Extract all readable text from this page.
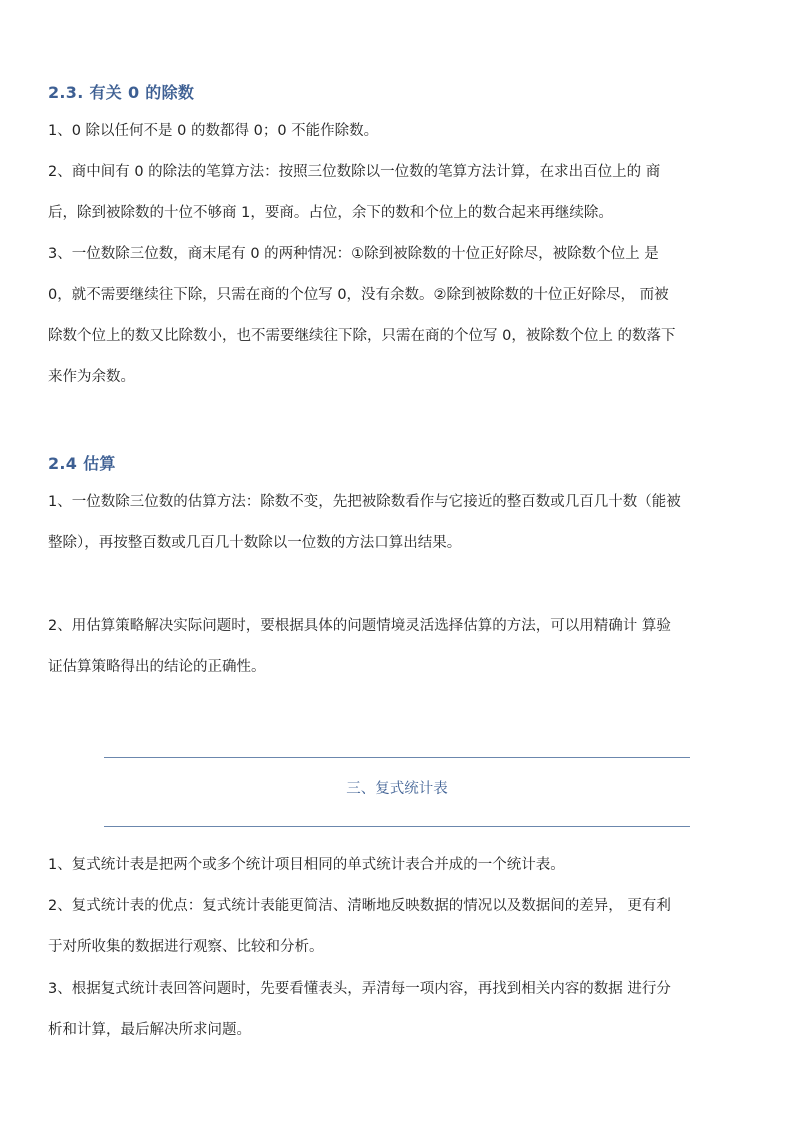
2.3. 有关 0 的除数
1、0 除以任何不是 0 的数都得 0；0 不能作除数。
2、商中间有 0 的除法的笔算方法：按照三位数除以一位数的笔算方法计算，在求出百位上的 商
后，除到被除数的十位不够商 1，要商。占位，余下的数和个位上的数合起来再继续除。
3、一位数除三位数，商末尾有 0 的两种情况：①除到被除数的十位正好除尽，被除数个位上 是
0，就不需要继续往下除，只需在商的个位写 0，没有余数。②除到被除数的十位正好除尽， 而被
除数个位上的数又比除数小，也不需要继续往下除，只需在商的个位写 0，被除数个位上 的数落下
来作为余数。
2.4 估算
1、一位数除三位数的估算方法：除数不变，先把被除数看作与它接近的整百数或几百几十数（能被
整除），再按整百数或几百几十数除以一位数的方法口算出结果。
2、用估算策略解决实际问题时，要根据具体的问题情境灵活选择估算的方法，可以用精确计 算验
证估算策略得出的结论的正确性。
三、复式统计表
1、复式统计表是把两个或多个统计项目相同的单式统计表合并成的一个统计表。
2、复式统计表的优点：复式统计表能更简洁、清晰地反映数据的情况以及数据间的差异， 更有利
于对所收集的数据进行观察、比较和分析。
3、根据复式统计表回答问题时，先要看懂表头，弄清每一项内容，再找到相关内容的数据 进行分
析和计算，最后解决所求问题。
